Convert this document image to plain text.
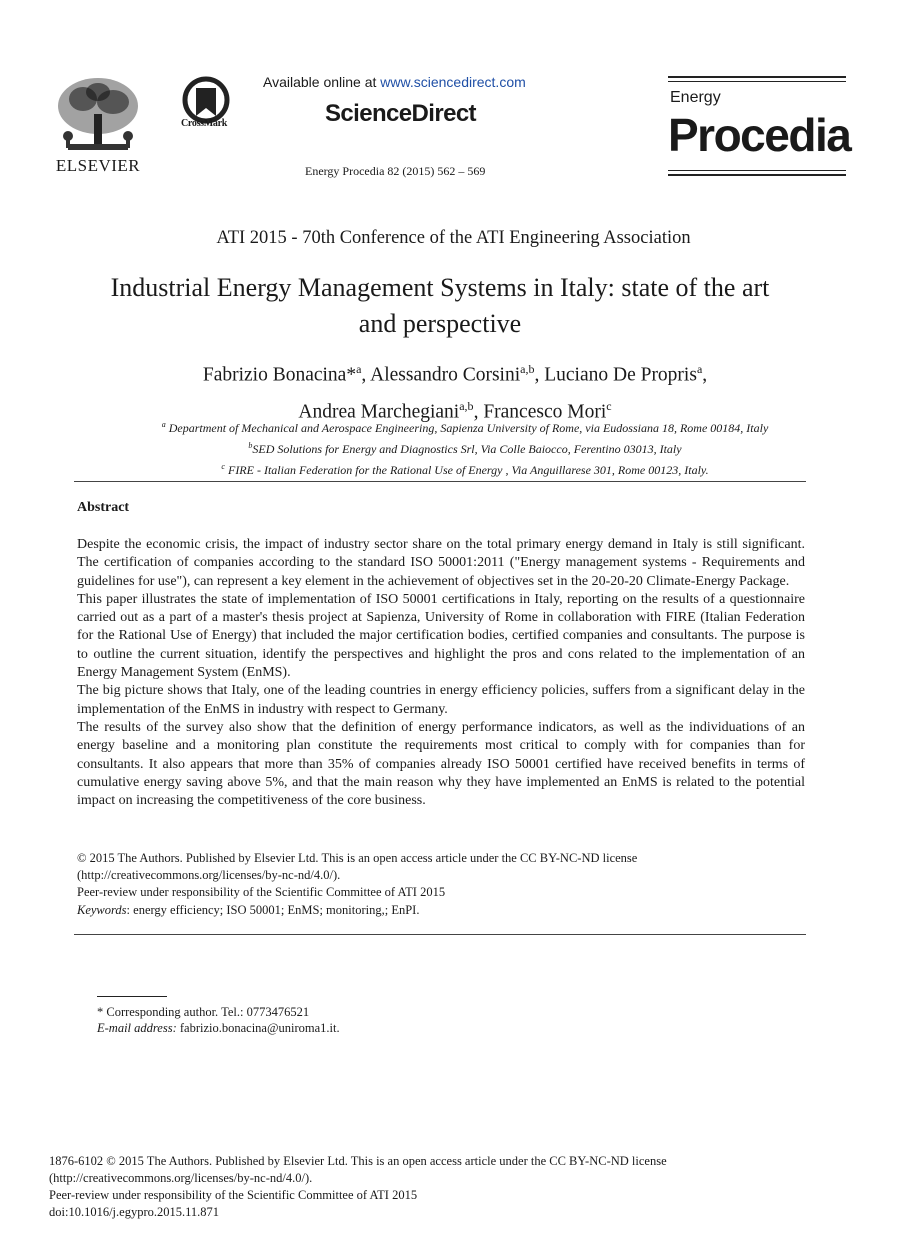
ELSEVIER
CrossMark
Available online at www.sciencedirect.com
ScienceDirect
Energy Procedia 82 (2015) 562 – 569
Energy
Procedia
ATI 2015 - 70th Conference of the ATI Engineering Association
Industrial Energy Management Systems in Italy: state of the art
and perspective
Fabrizio Bonacina*$^a$, Alessandro Corsini$^{a,b}$, Luciano De Propris$^a$,
Andrea Marchegiani$^{a,b}$, Francesco Mori$^c$
$^a$ Department of Mechanical and Aerospace Engineering, Sapienza University of Rome, via Eudossiana 18, Rome 00184, Italy
$^b$SED Solutions for Energy and Diagnostics Srl, Via Colle Baiocco, Ferentino 03013, Italy
$^c$ FIRE - Italian Federation for the Rational Use of Energy , Via Anguillarese 301, Rome 00123, Italy.
Abstract

Despite the economic crisis, the impact of industry sector share on the total primary energy demand in Italy is still significant. The certification of companies according to the standard ISO 50001:2011 ("Energy management systems - Requirements and guidelines for use"), can represent a key element in the achievement of objectives set in the 20-20-20 Climate-Energy Package.

This paper illustrates the state of implementation of ISO 50001 certifications in Italy, reporting on the results of a questionnaire carried out as a part of a master's thesis project at Sapienza, University of Rome in collaboration with FIRE (Italian Federation for the Rational Use of Energy) that included the major certification bodies, certified companies and consultants. The purpose is to outline the current situation, identify the perspectives and highlight the pros and cons related to the implementation of an Energy Management System (EnMS).

The big picture shows that Italy, one of the leading countries in energy efficiency policies, suffers from a significant delay in the implementation of the EnMS in industry with respect to Germany.

The results of the survey also show that the definition of energy performance indicators, as well as the individuations of an energy baseline and a monitoring plan constitute the requirements most critical to comply with for companies than for consultants. It also appears that more than 35% of companies already ISO 50001 certified have received benefits in terms of cumulative energy saving above 5%, and that the main reason why they have implemented an EnMS is related to the potential impact on increasing the competitiveness of the core business.

© 2015 The Authors. Published by Elsevier Ltd. This is an open access article under the CC BY-NC-ND license
(http://creativecommons.org/licenses/by-nc-nd/4.0/).
Peer-review under responsibility of the Scientific Committee of ATI 2015
Keywords: energy efficiency; ISO 50001; EnMS; monitoring,; EnPI.
* Corresponding author. Tel.: 0773476521
E-mail address: fabrizio.bonacina@uniroma1.it.
1876-6102 © 2015 The Authors. Published by Elsevier Ltd. This is an open access article under the CC BY-NC-ND license
(http://creativecommons.org/licenses/by-nc-nd/4.0/).
Peer-review under responsibility of the Scientific Committee of ATI 2015
doi:10.1016/j.egypro.2015.11.871
